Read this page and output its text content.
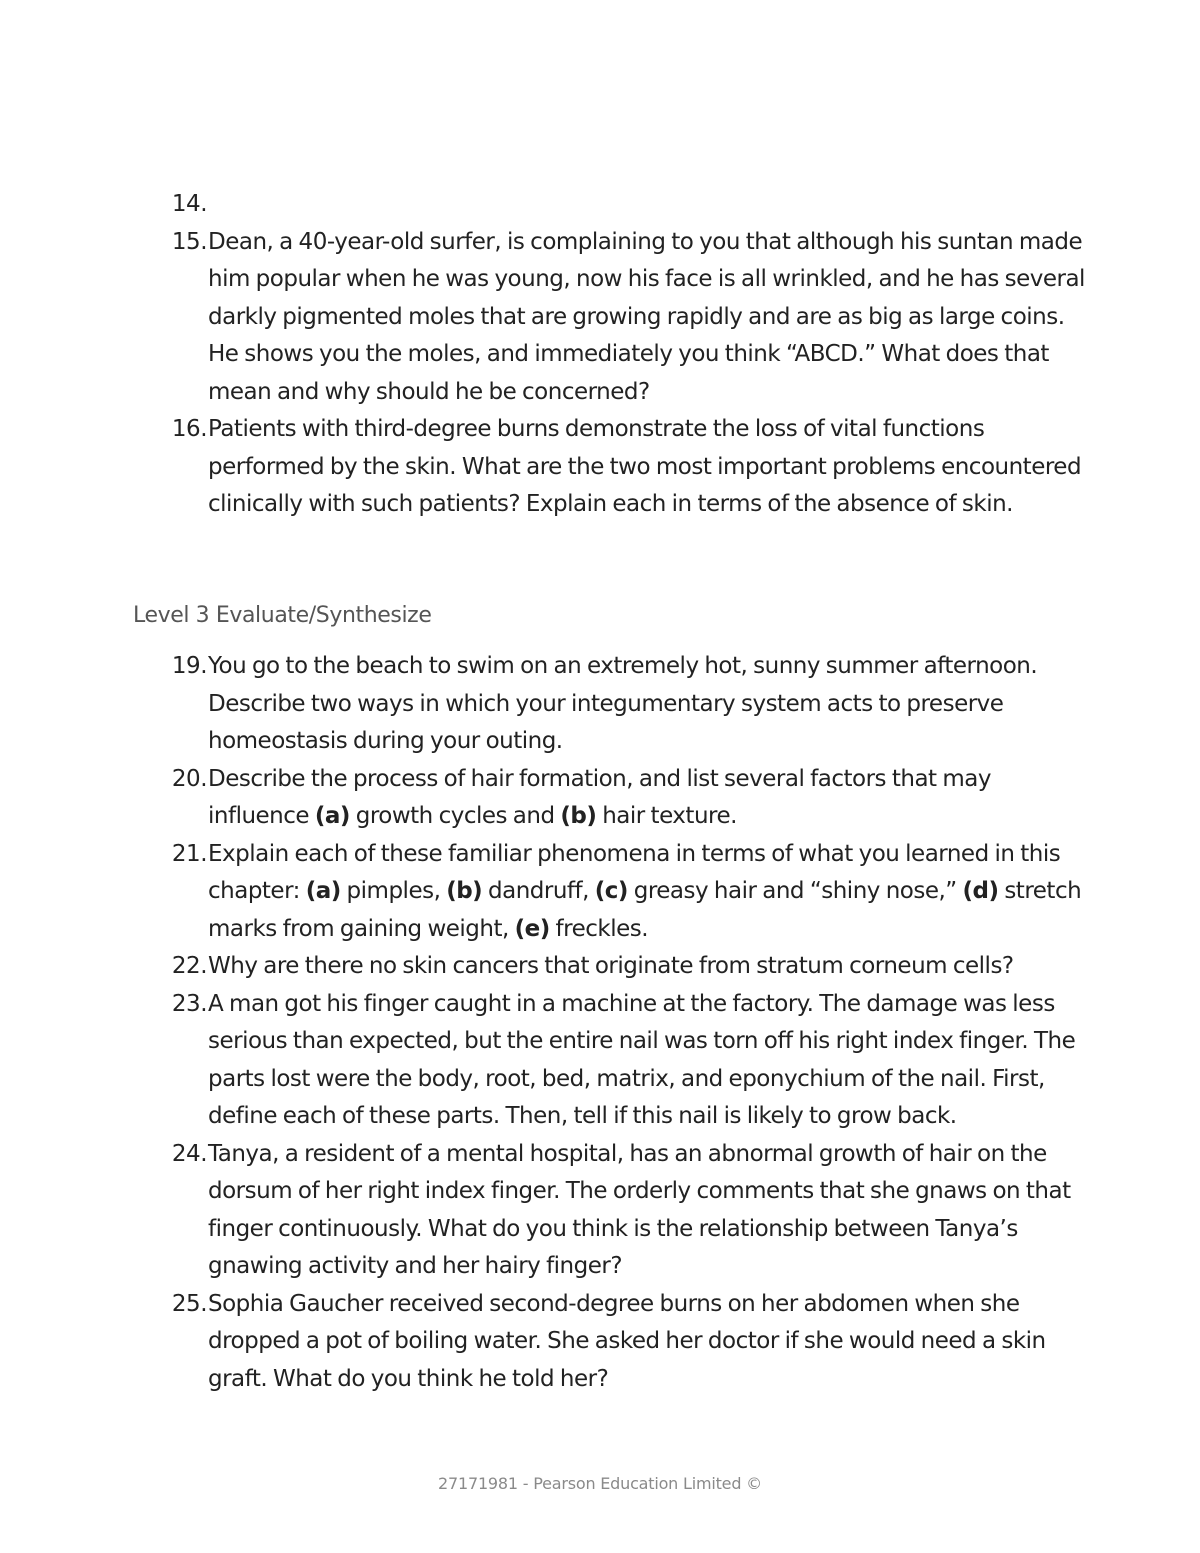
14.
15. Dean, a 40-year-old surfer, is complaining to you that although his suntan made him popular when he was young, now his face is all wrinkled, and he has several darkly pigmented moles that are growing rapidly and are as big as large coins. He shows you the moles, and immediately you think “ABCD.” What does that mean and why should he be concerned?
16. Patients with third-degree burns demonstrate the loss of vital functions performed by the skin. What are the two most important problems encountered clinically with such patients? Explain each in terms of the absence of skin.
Level 3 Evaluate/Synthesize
19. You go to the beach to swim on an extremely hot, sunny summer afternoon. Describe two ways in which your integumentary system acts to preserve homeostasis during your outing.
20. Describe the process of hair formation, and list several factors that may influence (a) growth cycles and (b) hair texture.
21. Explain each of these familiar phenomena in terms of what you learned in this chapter: (a) pimples, (b) dandruff, (c) greasy hair and “shiny nose,” (d) stretch marks from gaining weight, (e) freckles.
22. Why are there no skin cancers that originate from stratum corneum cells?
23. A man got his finger caught in a machine at the factory. The damage was less serious than expected, but the entire nail was torn off his right index finger. The parts lost were the body, root, bed, matrix, and eponychium of the nail. First, define each of these parts. Then, tell if this nail is likely to grow back.
24. Tanya, a resident of a mental hospital, has an abnormal growth of hair on the dorsum of her right index finger. The orderly comments that she gnaws on that finger continuously. What do you think is the relationship between Tanya’s gnawing activity and her hairy finger?
25. Sophia Gaucher received second-degree burns on her abdomen when she dropped a pot of boiling water. She asked her doctor if she would need a skin graft. What do you think he told her?
27171981 - Pearson Education Limited ©
